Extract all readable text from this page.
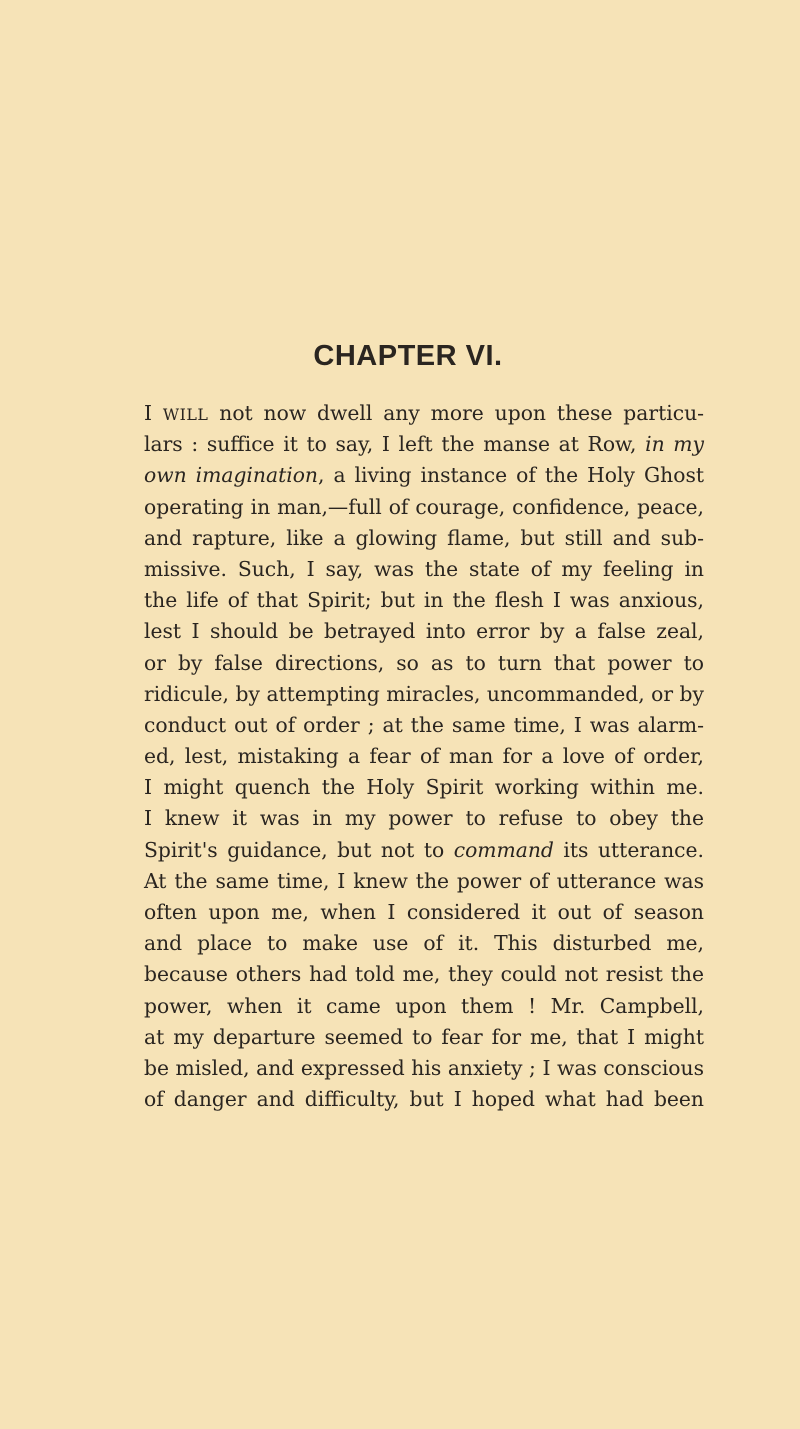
CHAPTER VI.
I WILL not now dwell any more upon these particu-
lars : suffice it to say, I left the manse at Row, in my
own imagination, a living instance of the Holy Ghost
operating in man,—full of courage, confidence, peace,
and rapture, like a glowing flame, but still and sub-
missive. Such, I say, was the state of my feeling in
the life of that Spirit; but in the flesh I was anxious,
lest I should be betrayed into error by a false zeal,
or by false directions, so as to turn that power to
ridicule, by attempting miracles, uncommanded, or by
conduct out of order ; at the same time, I was alarm-
ed, lest, mistaking a fear of man for a love of order,
I might quench the Holy Spirit working within me.
I knew it was in my power to refuse to obey the
Spirit's guidance, but not to command its utterance.
At the same time, I knew the power of utterance was
often upon me, when I considered it out of season
and place to make use of it. This disturbed me,
because others had told me, they could not resist the
power, when it came upon them ! Mr. Campbell,
at my departure seemed to fear for me, that I might
be misled, and expressed his anxiety ; I was conscious
of danger and difficulty, but I hoped what had been
